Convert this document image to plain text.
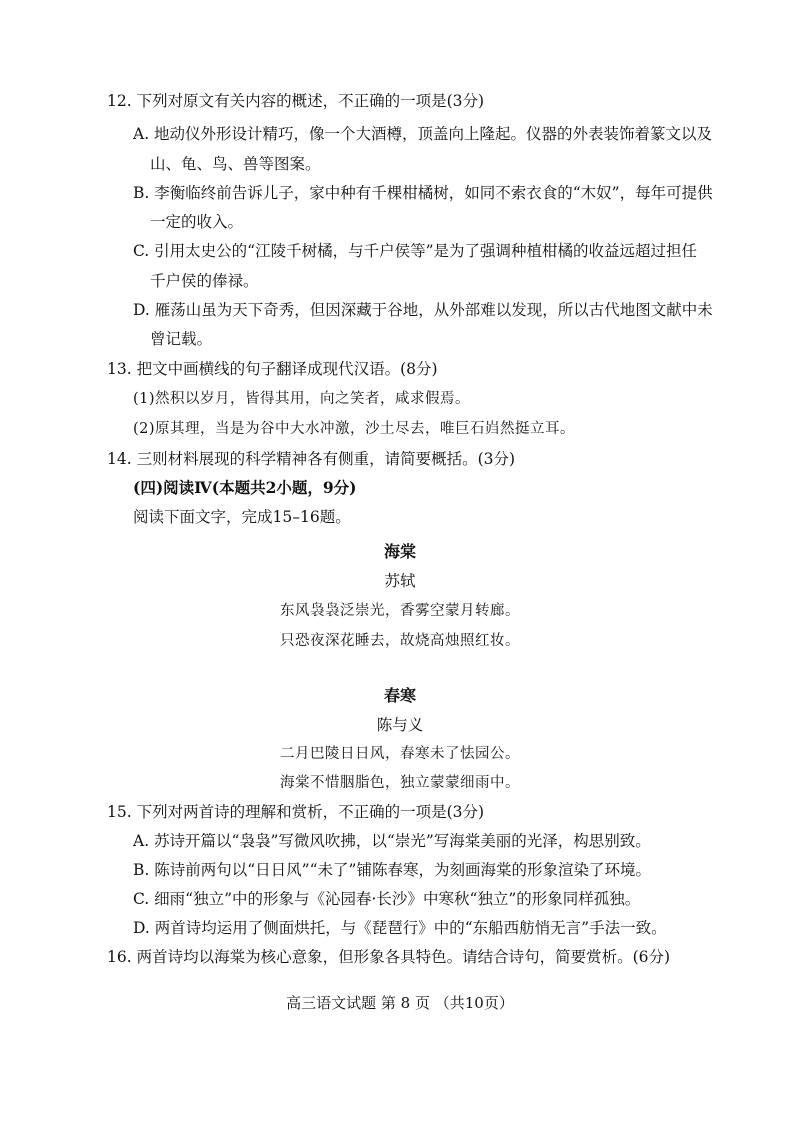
12. 下列对原文有关内容的概述，不正确的一项是(3分)
A. 地动仪外形设计精巧，像一个大酒樽，顶盖向上隆起。仪器的外表装饰着篆文以及
山、龟、鸟、兽等图案。
B. 李衡临终前告诉儿子，家中种有千棵柑橘树，如同不索衣食的“木奴”，每年可提供
一定的收入。
C. 引用太史公的“江陵千树橘，与千户侯等”是为了强调种植柑橘的收益远超过担任
千户侯的俸禄。
D. 雁荡山虽为天下奇秀，但因深藏于谷地，从外部难以发现，所以古代地图文献中未
曾记载。
13. 把文中画横线的句子翻译成现代汉语。(8分)
(1)然积以岁月，皆得其用，向之笑者，咸求假焉。
(2)原其理，当是为谷中大水冲激，沙土尽去，唯巨石岿然挺立耳。
14. 三则材料展现的科学精神各有侧重，请简要概括。(3分)
(四)阅读Ⅳ(本题共2小题，9分)
阅读下面文字，完成15–16题。
海棠
苏轼
东风袅袅泛崇光，香雾空蒙月转廊。
只恐夜深花睡去，故烧高烛照红妆。
春寒
陈与义
二月巴陵日日风，春寒未了怯园公。
海棠不惜胭脂色，独立蒙蒙细雨中。
15. 下列对两首诗的理解和赏析，不正确的一项是(3分)
A. 苏诗开篇以“袅袅”写微风吹拂，以“崇光”写海棠美丽的光泽，构思别致。
B. 陈诗前两句以“日日风”“未了”铺陈春寒，为刻画海棠的形象渲染了环境。
C. 细雨“独立”中的形象与《沁园春·长沙》中寒秋“独立”的形象同样孤独。
D. 两首诗均运用了侧面烘托，与《琵琶行》中的“东船西舫悄无言”手法一致。
16. 两首诗均以海棠为核心意象，但形象各具特色。请结合诗句，简要赏析。(6分)
高三语文试题 第 8 页 （共10页）
